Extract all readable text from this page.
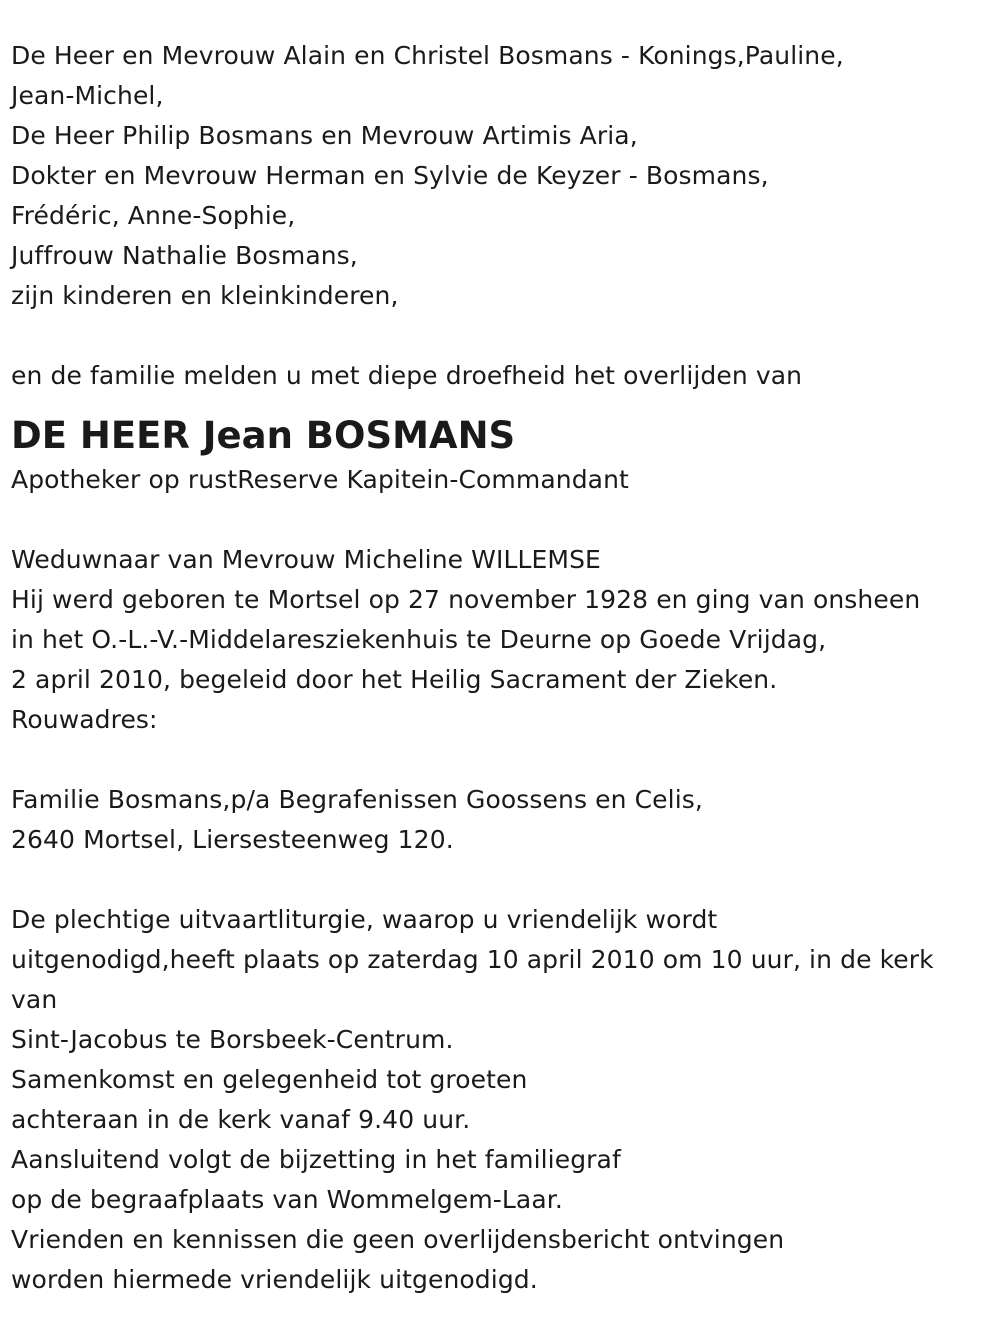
De Heer en Mevrouw Alain en Christel Bosmans - Konings,Pauline,
Jean-Michel,
De Heer Philip Bosmans en Mevrouw Artimis Aria,
Dokter en Mevrouw Herman en Sylvie de Keyzer - Bosmans,
Frédéric, Anne-Sophie,
Juffrouw Nathalie Bosmans,
zijn kinderen en kleinkinderen,
en de familie melden u met diepe droefheid het overlijden van
DE HEER Jean BOSMANS
Apotheker op rustReserve Kapitein-Commandant
Weduwnaar van Mevrouw Micheline WILLEMSE
Hij werd geboren te Mortsel op 27 november 1928 en ging van onsheen
in het O.-L.-V.-Middelaresziekenhuis te Deurne op Goede Vrijdag,
2 april 2010, begeleid door het Heilig Sacrament der Zieken.
Rouwadres:
Familie Bosmans,p/a Begrafenissen Goossens en Celis,
2640 Mortsel, Liersesteenweg 120.
De plechtige uitvaartliturgie, waarop u vriendelijk wordt
uitgenodigd,heeft plaats op zaterdag 10 april 2010 om 10 uur, in de kerk
van
Sint-Jacobus te Borsbeek-Centrum.
Samenkomst en gelegenheid tot groeten
achteraan in de kerk vanaf 9.40 uur.
Aansluitend volgt de bijzetting in het familiegraf
op de begraafplaats van Wommelgem-Laar.
Vrienden en kennissen die geen overlijdensbericht ontvingen
worden hiermede vriendelijk uitgenodigd.
